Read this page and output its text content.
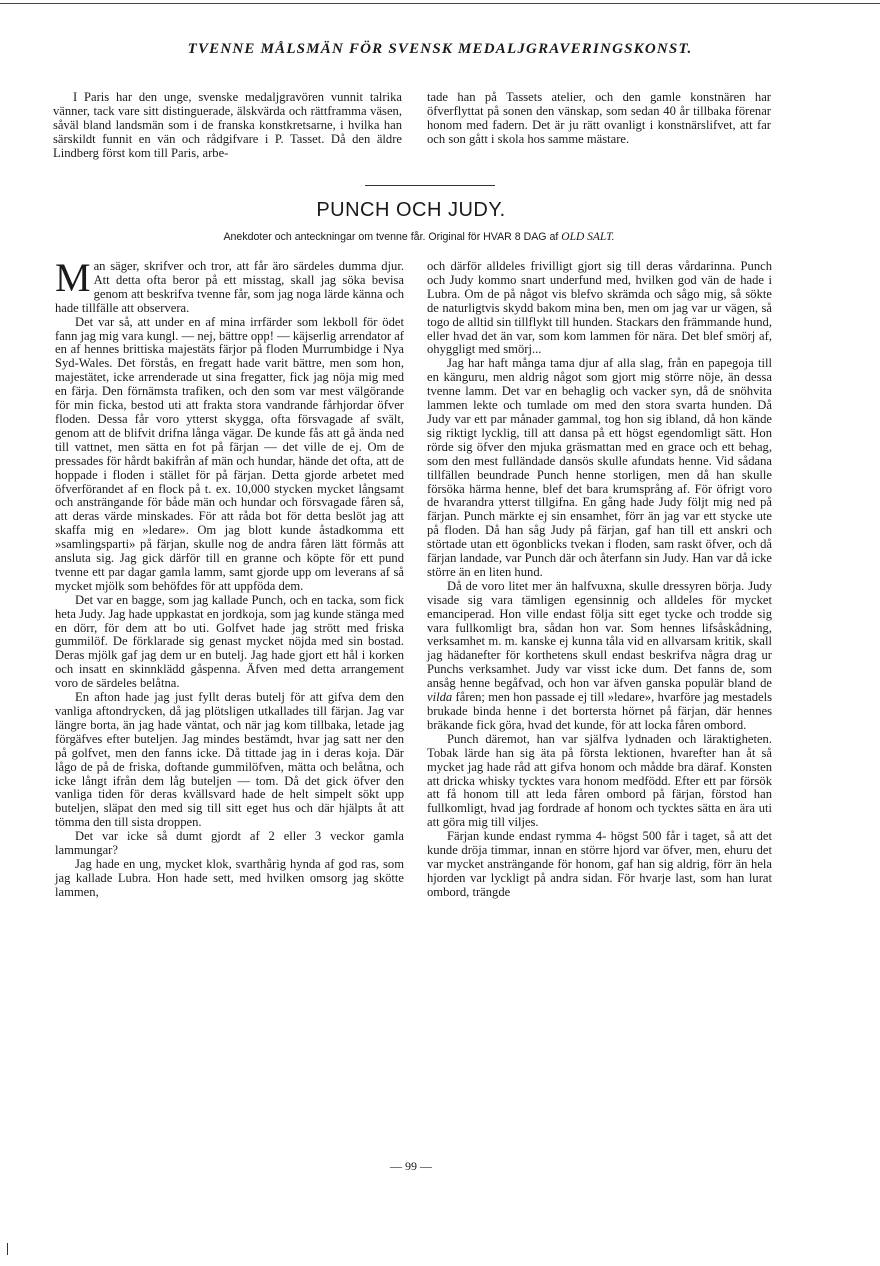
TVENNE MÅLSMÄN FÖR SVENSK MEDALJGRAVERINGSKONST.

I Paris har den unge, svenske medaljgravören vunnit talrika vänner, tack vare sitt distinguerade, älskvärda och rättframma väsen, såväl bland landsmän som i de franska konstkretsarne, i hvilka han särskildt funnit en vän och rådgifvare i P. Tasset. Då den äldre Lindberg först kom till Paris, arbe-

tade han på Tassets atelier, och den gamle konstnären har öfverflyttat på sonen den vänskap, som sedan 40 år tillbaka förenar honom med fadern. Det är ju rätt ovanligt i konstnärslifvet, att far och son gått i skola hos samme mästare.

PUNCH OCH JUDY.

Anekdoter och anteckningar om tvenne får. Original för HVAR 8 DAG af OLD SALT.

Man säger, skrifver och tror, att får äro särdeles dumma djur. Att detta ofta beror på ett misstag, skall jag söka bevisa genom att beskrifva tvenne får, som jag noga lärde känna och hade tillfälle att observera.

Det var så, att under en af mina irrfärder som lekboll för ödet fann jag mig vara kungl. — nej, bättre opp! — käjserlig arrendator af en af hennes brittiska majestäts färjor på floden Murrumbidge i Nya Syd-Wales. Det förstås, en fregatt hade varit bättre, men som hon, majestätet, icke arrenderade ut sina fregatter, fick jag nöja mig med en färja. Den förnämsta trafiken, och den som var mest välgörande för min ficka, bestod uti att frakta stora vandrande fårhjordar öfver floden. Dessa får voro ytterst skygga, ofta försvagade af svält, genom att de blifvit drifna långa vägar. De kunde fås att gå ända ned till vattnet, men sätta en fot på färjan — det ville de ej. Om de pressades för hårdt bakifrån af män och hundar, hände det ofta, att de hoppade i floden i stället för på färjan. Detta gjorde arbetet med öfverförandet af en flock på t. ex. 10,000 stycken mycket långsamt och ansträngande för både män och hundar och försvagade fåren så, att deras värde minskades. För att råda bot för detta beslöt jag att skaffa mig en »ledare». Om jag blott kunde åstadkomma ett »samlingsparti» på färjan, skulle nog de andra fåren lätt förmås att ansluta sig. Jag gick därför till en granne och köpte för ett pund tvenne ett par dagar gamla lamm, samt gjorde upp om leverans af så mycket mjölk som behöfdes för att uppföda dem.

Det var en bagge, som jag kallade Punch, och en tacka, som fick heta Judy. Jag hade uppkastat en jordkoja, som jag kunde stänga med en dörr, för dem att bo uti. Golfvet hade jag strött med friska gummilöf. De förklarade sig genast mycket nöjda med sin bostad. Deras mjölk gaf jag dem ur en butelj. Jag hade gjort ett hål i korken och insatt en skinnklädd gåspenna. Äfven med detta arrangement voro de särdeles belåtna.

En afton hade jag just fyllt deras butelj för att gifva dem den vanliga aftondrycken, då jag plötsligen utkallades till färjan. Jag var längre borta, än jag hade väntat, och när jag kom tillbaka, letade jag förgäfves efter buteljen. Jag mindes bestämdt, hvar jag satt ner den på golfvet, men den fanns icke. Då tittade jag in i deras koja. Där lågo de på de friska, doftande gummilöfven, mätta och belåtna, och icke långt ifrån dem låg buteljen — tom. Då det gick öfver den vanliga tiden för deras kvällsvard hade de helt simpelt sökt upp buteljen, släpat den med sig till sitt eget hus och där hjälpts åt att tömma den till sista droppen.

Det var icke så dumt gjordt af 2 eller 3 veckor gamla lammungar?

Jag hade en ung, mycket klok, svarthårig hynda af god ras, som jag kallade Lubra. Hon hade sett, med hvilken omsorg jag skötte lammen,

och därför alldeles frivilligt gjort sig till deras vårdarinna. Punch och Judy kommo snart underfund med, hvilken god vän de hade i Lubra. Om de på något vis blefvo skrämda och sågo mig, så sökte de naturligtvis skydd bakom mina ben, men om jag var ur vägen, så togo de alltid sin tillflykt till hunden. Stackars den främmande hund, eller hvad det än var, som kom lammen för nära. Det blef smörj af, ohyggligt med smörj...

Jag har haft många tama djur af alla slag, från en papegoja till en känguru, men aldrig något som gjort mig större nöje, än dessa tvenne lamm. Det var en behaglig och vacker syn, då de snöhvita lammen lekte och tumlade om med den stora svarta hunden. Då Judy var ett par månader gammal, tog hon sig ibland, då hon kände sig riktigt lycklig, till att dansa på ett högst egendomligt sätt. Hon rörde sig öfver den mjuka gräsmattan med en grace och ett behag, som den mest fulländade dansös skulle afundats henne. Vid sådana tillfällen beundrade Punch henne storligen, men då han skulle försöka härma henne, blef det bara krumsprång af. För öfrigt voro de hvarandra ytterst tillgifna. En gång hade Judy följt mig ned på färjan. Punch märkte ej sin ensamhet, förr än jag var ett stycke ute på floden. Då han såg Judy på färjan, gaf han till ett anskri och störtade utan ett ögonblicks tvekan i floden, sam raskt öfver, och då färjan landade, var Punch där och återfann sin Judy. Han var då icke större än en liten hund.

Då de voro litet mer än halfvuxna, skulle dressyren börja. Judy visade sig vara tämligen egensinnig och alldeles för mycket emanciperad. Hon ville endast följa sitt eget tycke och trodde sig vara fullkomligt bra, sådan hon var. Som hennes lifsåskådning, verksamhet m. m. kanske ej kunna tåla vid en allvarsam kritik, skall jag hädanefter för korthetens skull endast beskrifva några drag ur Punchs verksamhet. Judy var visst icke dum. Det fanns de, som ansåg henne begåfvad, och hon var äfven ganska populär bland de vilda fåren; men hon passade ej till »ledare», hvarföre jag mestadels brukade binda henne i det bortersta hörnet på färjan, där hennes bräkande fick göra, hvad det kunde, för att locka fåren ombord.

Punch däremot, han var själfva lydnaden och läraktigheten. Tobak lärde han sig äta på första lektionen, hvarefter han åt så mycket jag hade råd att gifva honom och mådde bra däraf. Konsten att dricka whisky tycktes vara honom medfödd. Efter ett par försök att få honom till att leda fåren ombord på färjan, förstod han fullkomligt, hvad jag fordrade af honom och tycktes sätta en ära uti att göra mig till viljes.

Färjan kunde endast rymma 4- högst 500 får i taget, så att det kunde dröja timmar, innan en större hjord var öfver, men, ehuru det var mycket ansträngande för honom, gaf han sig aldrig, förr än hela hjorden var lyckligt på andra sidan. För hvarje last, som han lurat ombord, trängde

— 99 —
